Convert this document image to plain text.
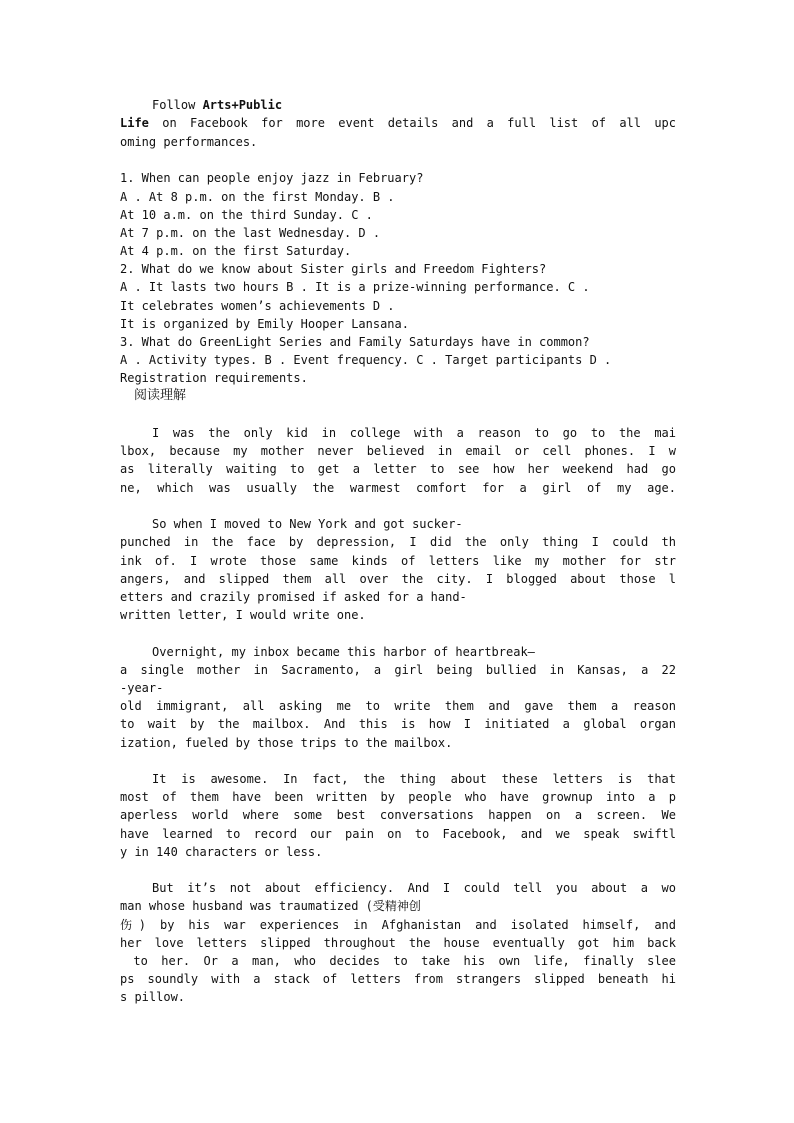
Follow Arts+Public
Life on Facebook for more event details and a full list of all upc
oming performances.
1. When can people enjoy jazz in February?
A . At 8 p.m. on the first Monday. B .
At 10 a.m. on the third Sunday. C .
At 7 p.m. on the last Wednesday. D .
At 4 p.m. on the first Saturday.
2. What do we know about Sister girls and Freedom Fighters?
A . It lasts two hours B . It is a prize-winning performance. C .
It celebrates women’s achievements D .
It is organized by Emily Hooper Lansana.
3. What do GreenLight Series and Family Saturdays have in common?
A . Activity types. B . Event frequency. C . Target participants D .
Registration requirements.
阅读理解
I was the only kid in college with a reason to go to the mai
lbox, because my mother never believed in email or cell phones. I w
as literally waiting to get a letter to see how her weekend had go
ne, which was usually the warmest comfort for a girl of my age.
So when I moved to New York and got sucker-
punched in the face by depression, I did the only thing I could th
ink of. I wrote those same kinds of letters like my mother for str
angers, and slipped them all over the city. I blogged about those l
etters and crazily promised if asked for a hand-
written letter, I would write one.
Overnight, my inbox became this harbor of heartbreak—
a single mother in Sacramento, a girl being bullied in Kansas, a 22
-year-
old immigrant, all asking me to write them and gave them a reason
to wait by the mailbox. And this is how I initiated a global organ
ization, fueled by those trips to the mailbox.
It is awesome. In fact, the thing about these letters is that
most of them have been written by people who have grownup into a p
aperless world where some best conversations happen on a screen. We
have learned to record our pain on to Facebook, and we speak swiftl
y in 140 characters or less.
But it’s not about efficiency. And I could tell you about a wo
man whose husband was traumatized (受精神创
伤) by his war experiences in Afghanistan and isolated himself, and
her love letters slipped throughout the house eventually got him back
to her. Or a man, who decides to take his own life, finally slee
ps soundly with a stack of letters from strangers slipped beneath hi
s pillow.
